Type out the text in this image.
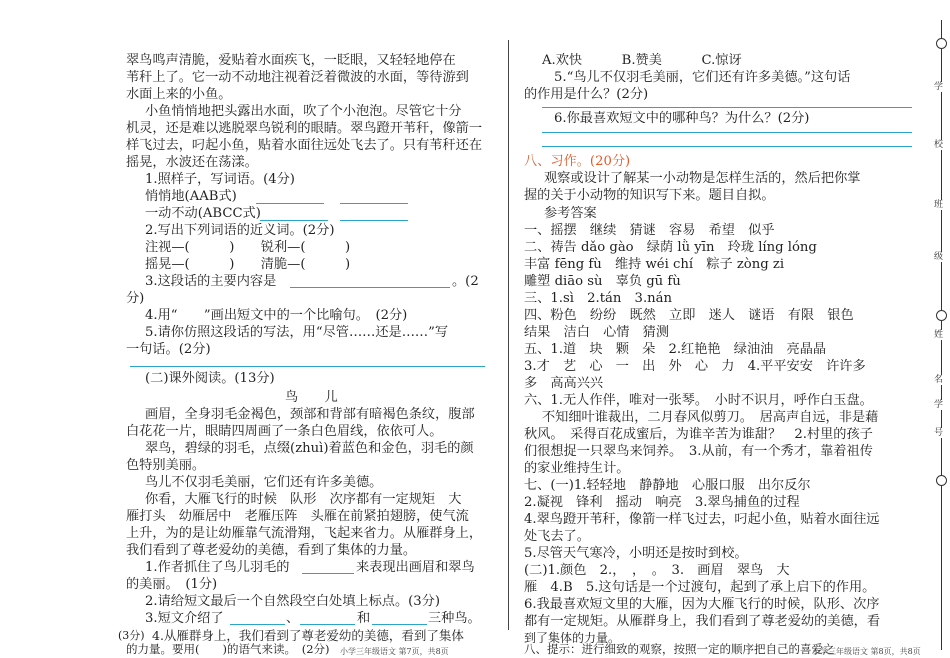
翠鸟鸣声清脆，爱贴着水面疾飞，一眨眼，又轻轻地停在
苇秆上了。它一动不动地注视着泛着微波的水面，等待游到
水面上来的小鱼。
小鱼悄悄地把头露出水面，吹了个小泡泡。尽管它十分
机灵，还是难以逃脱翠鸟锐利的眼睛。翠鸟蹬开苇秆，像箭一
样飞过去，叼起小鱼，贴着水面往远处飞去了。只有苇秆还在
摇晃，水波还在荡漾。
1.照样子，写词语。(4分)
悄悄地(AAB式)
一动不动(ABCC式)
2.写出下列词语的近义词。(2分)
注视—(　　　)　　锐利—(　　　)
摇晃—(　　　)　　清脆—(　　　)
3.这段话的主要内容是	。(2
分)
4.用“　　”画出短文中的一个比喻句。　(2分)
5.请你仿照这段话的写法，用“尽管……还是……”写
一句话。(2分)
(二)课外阅读。(13分)
鸟　　儿
画眉，全身羽毛金褐色，颈部和背部有暗褐色条纹，腹部
白花花一片，眼睛四周画了一条白色眉线，依依可人。
翠鸟，碧绿的羽毛，点缀(zhuì)着蓝色和金色，羽毛的颜
色特别美丽。
鸟儿不仅羽毛美丽，它们还有许多美德。
你看，大雁飞行的时候　队形　次序都有一定规矩　大
雁打头　幼雁居中　老雁压阵　头雁在前紧拍翅膀，使气流
上升，为的是让幼雁靠气流滑翔，飞起来省力。从雁群身上，
我们看到了尊老爱幼的美德，看到了集体的力量。
1.作者抓住了鸟儿羽毛的	来表现出画眉和翠鸟
的美丽。　(1分)
2.请给短文最后一个自然段空白处填上标点。(3分)
3.短文介绍了	、	和	三种鸟。
(3分)
小学三年级语文 第7页，共8页
4.从雁群身上，我们看到了尊老爱幼的美德，看到了集体
的力量。要用(　　)的语气来读。　(2分)
A.欢快　　　B.赞美　　　C.惊讶
5.“鸟儿不仅羽毛美丽，它们还有许多美德。”这句话
的作用是什么？(2分)
6.你最喜欢短文中的哪种鸟？为什么？(2分)
八、习作。(20分)
观察或设计了解某一小动物是怎样生活的，然后把你掌
握的关于小动物的知识写下来。题目自拟。
参考答案
一、摇摆　继续　猜谜　容易　希望　似乎
二、祷告 dǎo gào　绿荫 lǜ yīn　玲珑 líng lóng
丰富 fēng fù　维持 wéi chí　粽子 zòng zi
雕塑 diāo sù　辜负 gū fù
三、1.sì　2.tán　3.nán
四、粉色　纷纷　既然　立即　迷人　谜语　有限　银色
结果　洁白　心情　猜测
五、1.道　块　颗　朵　2.红艳艳　绿油油　亮晶晶
3.才　艺　心　一　出　外　心　力　4.平平安安　许许多
多　高高兴兴
六、1.无人作伴，唯对一张琴。　小时不识月，呼作白玉盘。
不知细叶谁裁出，二月春风似剪刀。　居高声自远，非是藉
秋风。　采得百花成蜜后，为谁辛苦为谁甜？　2.村里的孩子
们很想捉一只翠鸟来饲养。　3.从前，有一个秀才，靠着祖传
的家业维持生计。
七、(一)1.轻轻地　静静地　心服口服　出尔反尔
2.凝视　锋利　摇动　响亮　3.翠鸟捕鱼的过程
4.翠鸟蹬开苇秆，像箭一样飞过去，叼起小鱼，贴着水面往远
处飞去了。
5.尽管天气寒冷，小明还是按时到校。
(二)1.颜色　2.，　，　。　3.　画眉　翠鸟　大
雁　4.B　5.这句话是一个过渡句，起到了承上启下的作用。
6.我最喜欢短文里的大雁，因为大雁飞行的时候，队形、次序
都有一定规矩。从雁群身上，我们看到了尊老爱幼的美德，看
到了集体的力量。
小学三年级语文 第8页，共8页
八、提示：进行细致的观察，按照一定的顺序把自己的喜爱之
学
校
班
级
姓
名
学
号
